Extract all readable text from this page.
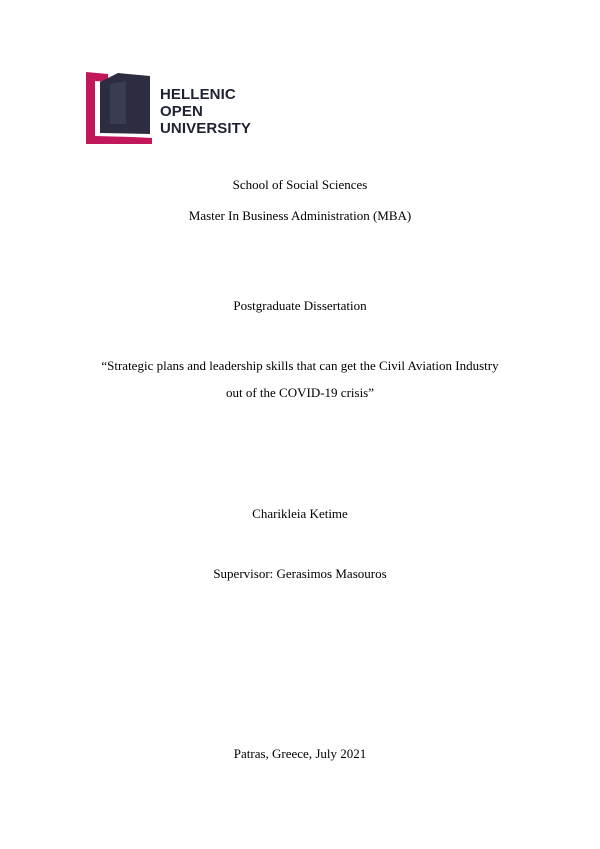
HELLENIC
OPEN
UNIVERSITY
School of Social Sciences
Master In Business Administration (MBA)
Postgraduate Dissertation
“Strategic plans and leadership skills that can get the Civil Aviation Industry
out of the COVID-19 crisis”
Charikleia Ketime
Supervisor: Gerasimos Masouros
Patras, Greece, July 2021
